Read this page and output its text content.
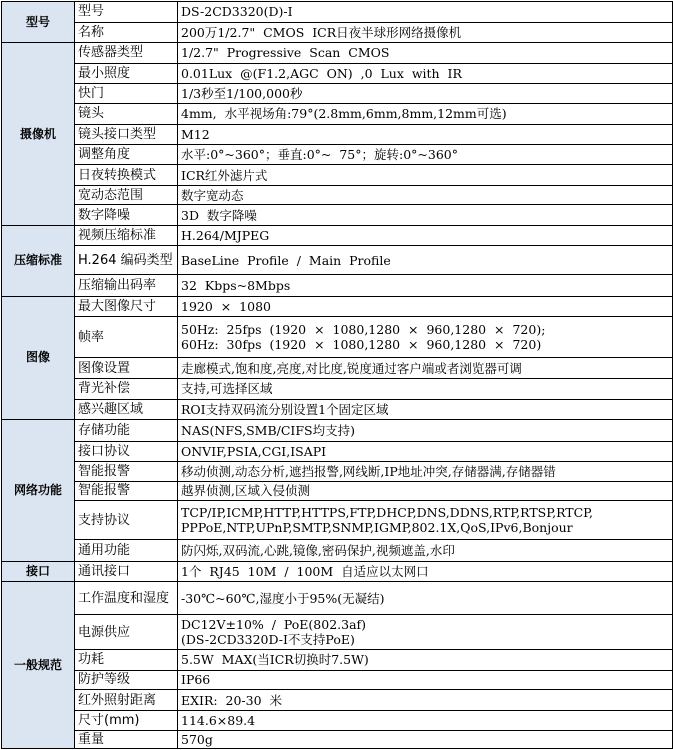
型号	型号	DS-2CD3320(D)-I
	名称	200万1/2.7"  CMOS  ICR日夜半球形网络摄像机
摄像机	传感器类型	1/2.7"  Progressive  Scan  CMOS
	最小照度	0.01Lux  @(F1.2,AGC  ON)  ,0  Lux  with  IR
	快门	1/3秒至1/100,000秒
	镜头	4mm,  水平视场角:79°(2.8mm,6mm,8mm,12mm可选)
	镜头接口类型	M12
	调整角度	水平:0°~360°；垂直:0°~  75°；旋转:0°~360°
	日夜转换模式	ICR红外滤片式
	宽动态范围	数字宽动态
	数字降噪	3D  数字降噪
压缩标准	视频压缩标准	H.264/MJPEG
	H.264 编码类型	BaseLine  Profile  /  Main  Profile
	压缩输出码率	32  Kbps~8Mbps
图像	最大图像尺寸	1920  ×  1080
	帧率	50Hz:  25fps  (1920  ×  1080,1280  ×  960,1280  ×  720);
60Hz:  30fps  (1920  ×  1080,1280  ×  960,1280  ×  720)

	图像设置	走廊模式,饱和度,亮度,对比度,锐度通过客户端或者浏览器可调
	背光补偿	支持,可选择区域
	感兴趣区域	ROI支持双码流分别设置1个固定区域
网络功能	存储功能	NAS(NFS,SMB/CIFS均支持)
	接口协议	ONVIF,PSIA,CGI,ISAPI
	智能报警	移动侦测,动态分析,遮挡报警,网线断,IP地址冲突,存储器满,存储器错
	智能报警	越界侦测,区域入侵侦测
	支持协议	TCP/IP,ICMP,HTTP,HTTPS,FTP,DHCP,DNS,DDNS,RTP,RTSP,RTCP,
PPPoE,NTP,UPnP,SMTP,SNMP,IGMP,802.1X,QoS,IPv6,Bonjour

	通用功能	防闪烁,双码流,心跳,镜像,密码保护,视频遮盖,水印
接口	通讯接口	1个  RJ45  10M  /  100M  自适应以太网口
一般规范	工作温度和湿度	-30℃~60℃,湿度小于95%(无凝结)
	电源供应	DC12V±10%  /  PoE(802.3af)
(DS-2CD3320D-I不支持PoE)

	功耗	5.5W  MAX(当ICR切换时7.5W)
	防护等级	IP66
	红外照射距离	EXIR:  20-30  米
	尺寸(mm)	114.6×89.4
	重量	570g
